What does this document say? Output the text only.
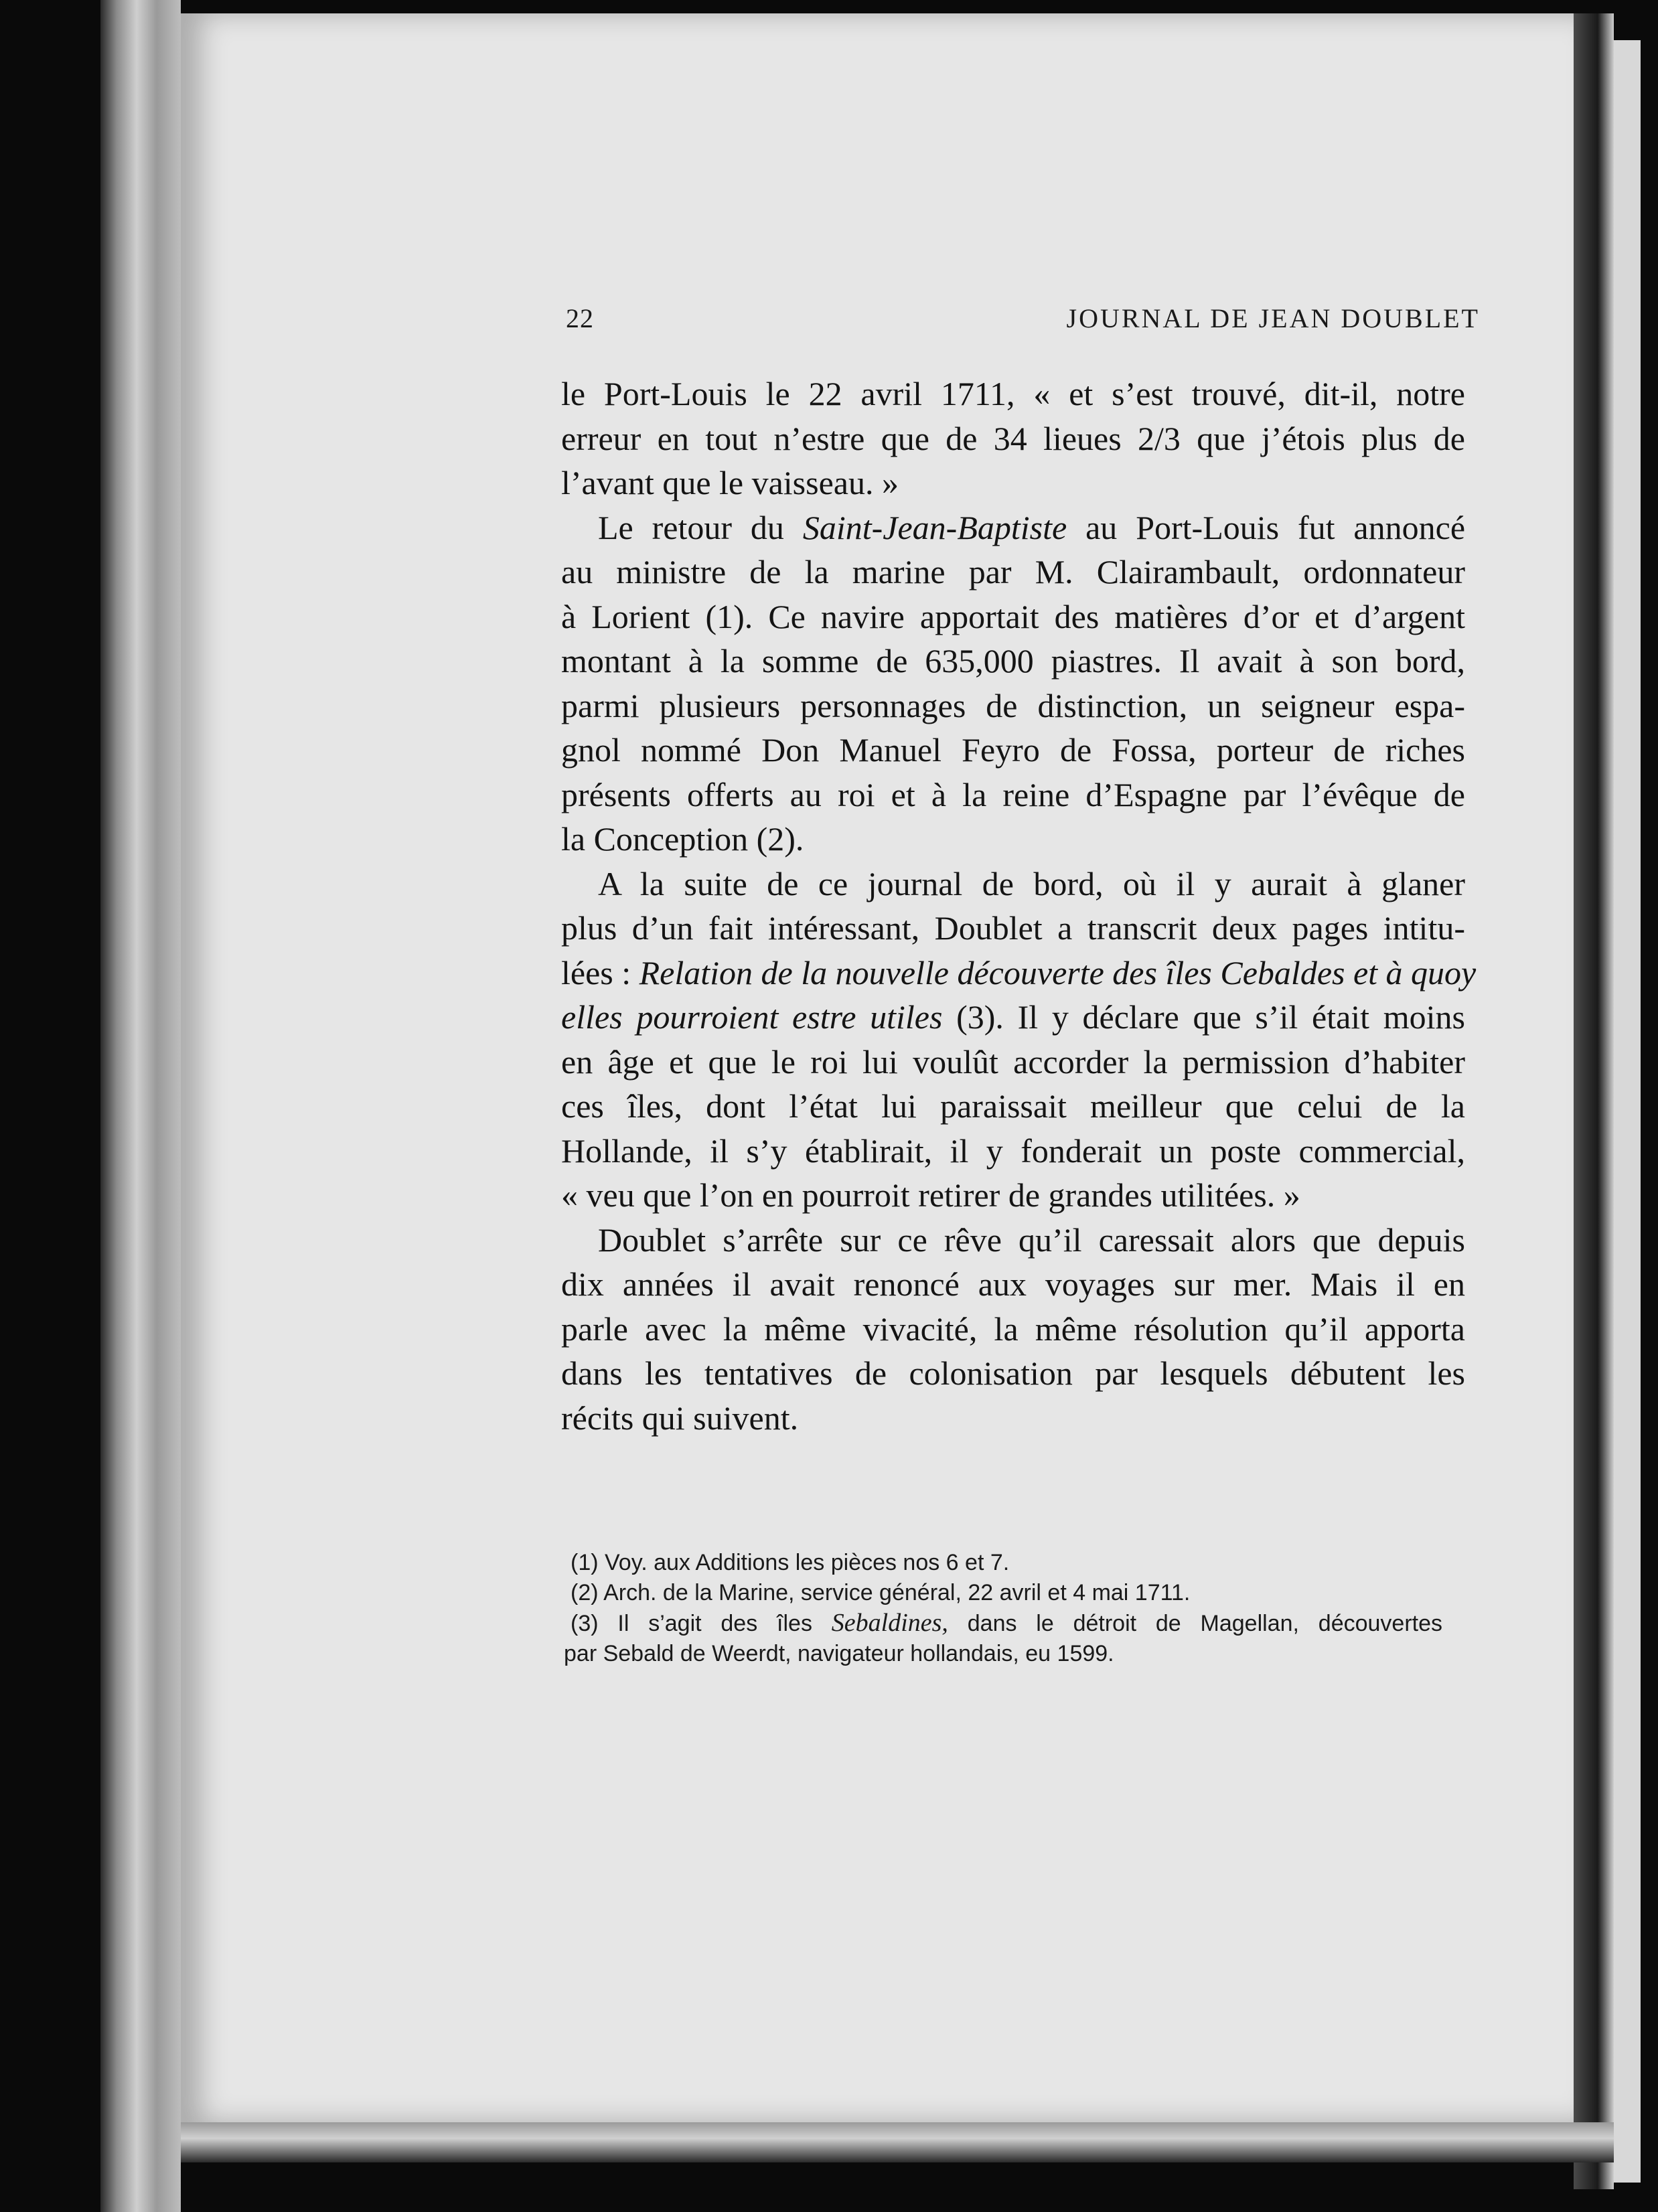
22	JOURNAL DE JEAN DOUBLET
le Port-Louis le 22 avril 1711, « et s’est trouvé, dit-il, notre
erreur en tout n’estre que de 34 lieues 2/3 que j’étois plus de
l’avant que le vaisseau. »
Le retour du Saint-Jean-Baptiste au Port-Louis fut annoncé
au ministre de la marine par M. Clairambault, ordonnateur
à Lorient (1). Ce navire apportait des matières d’or et d’argent
montant à la somme de 635,000 piastres. Il avait à son bord,
parmi plusieurs personnages de distinction, un seigneur espa-
gnol nommé Don Manuel Feyro de Fossa, porteur de riches
présents offerts au roi et à la reine d’Espagne par l’évêque de
la Conception (2).
A la suite de ce journal de bord, où il y aurait à glaner
plus d’un fait intéressant, Doublet a transcrit deux pages intitu-
lées : Relation de la nouvelle découverte des îles Cebaldes et à quoy
elles pourroient estre utiles (3). Il y déclare que s’il était moins
en âge et que le roi lui voulût accorder la permission d’habiter
ces îles, dont l’état lui paraissait meilleur que celui de la
Hollande, il s’y établirait, il y fonderait un poste commercial,
« veu que l’on en pourroit retirer de grandes utilitées. »
Doublet s’arrête sur ce rêve qu’il caressait alors que depuis
dix années il avait renoncé aux voyages sur mer. Mais il en
parle avec la même vivacité, la même résolution qu’il apporta
dans les tentatives de colonisation par lesquels débutent les
récits qui suivent.
(1) Voy. aux Additions les pièces nos 6 et 7.
(2) Arch. de la Marine, service général, 22 avril et 4 mai 1711.
(3) Il s’agit des îles Sebaldines, dans le détroit de Magellan, découvertes
par Sebald de Weerdt, navigateur hollandais, eu 1599.
